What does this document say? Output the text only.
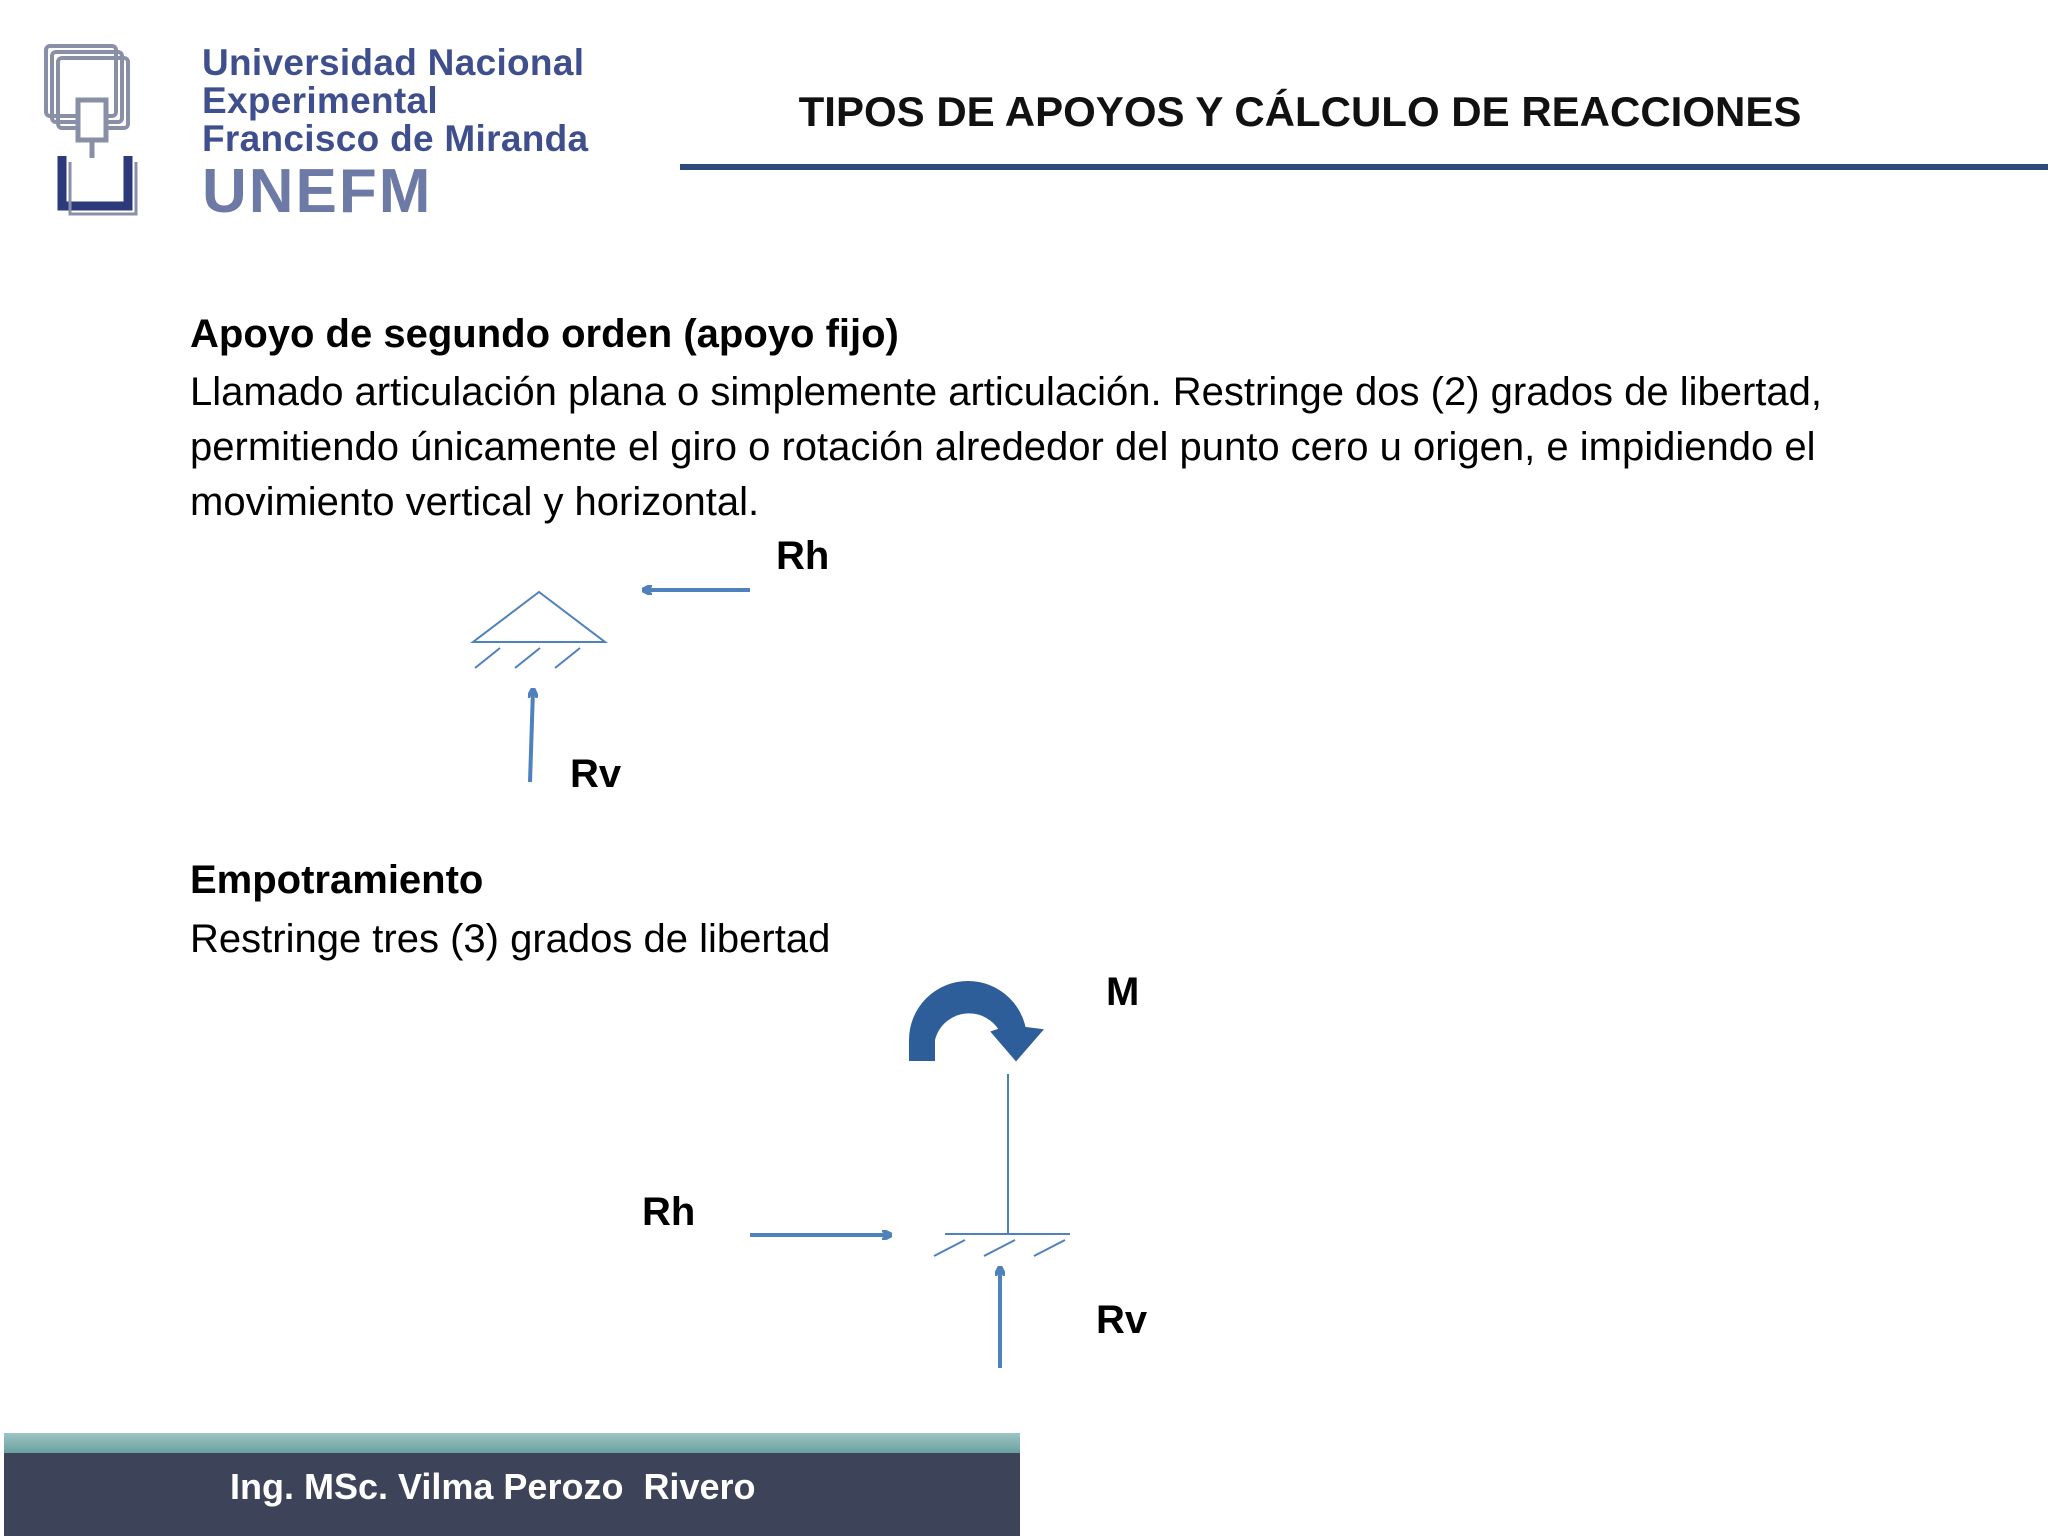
Universidad Nacional
Experimental
Francisco de Miranda
UNEFM
TIPOS DE APOYOS Y CÁLCULO DE REACCIONES
Apoyo de segundo orden (apoyo fijo)
Llamado articulación plana o simplemente articulación. Restringe dos (2) grados de libertad, permitiendo únicamente el giro o rotación alrededor del punto cero u origen, e impidiendo el movimiento vertical y horizontal.
Rh
Rv
Empotramiento
Restringe tres (3) grados de libertad
M
Rh
Rv
Ing. MSc. Vilma Perozo  Rivero
